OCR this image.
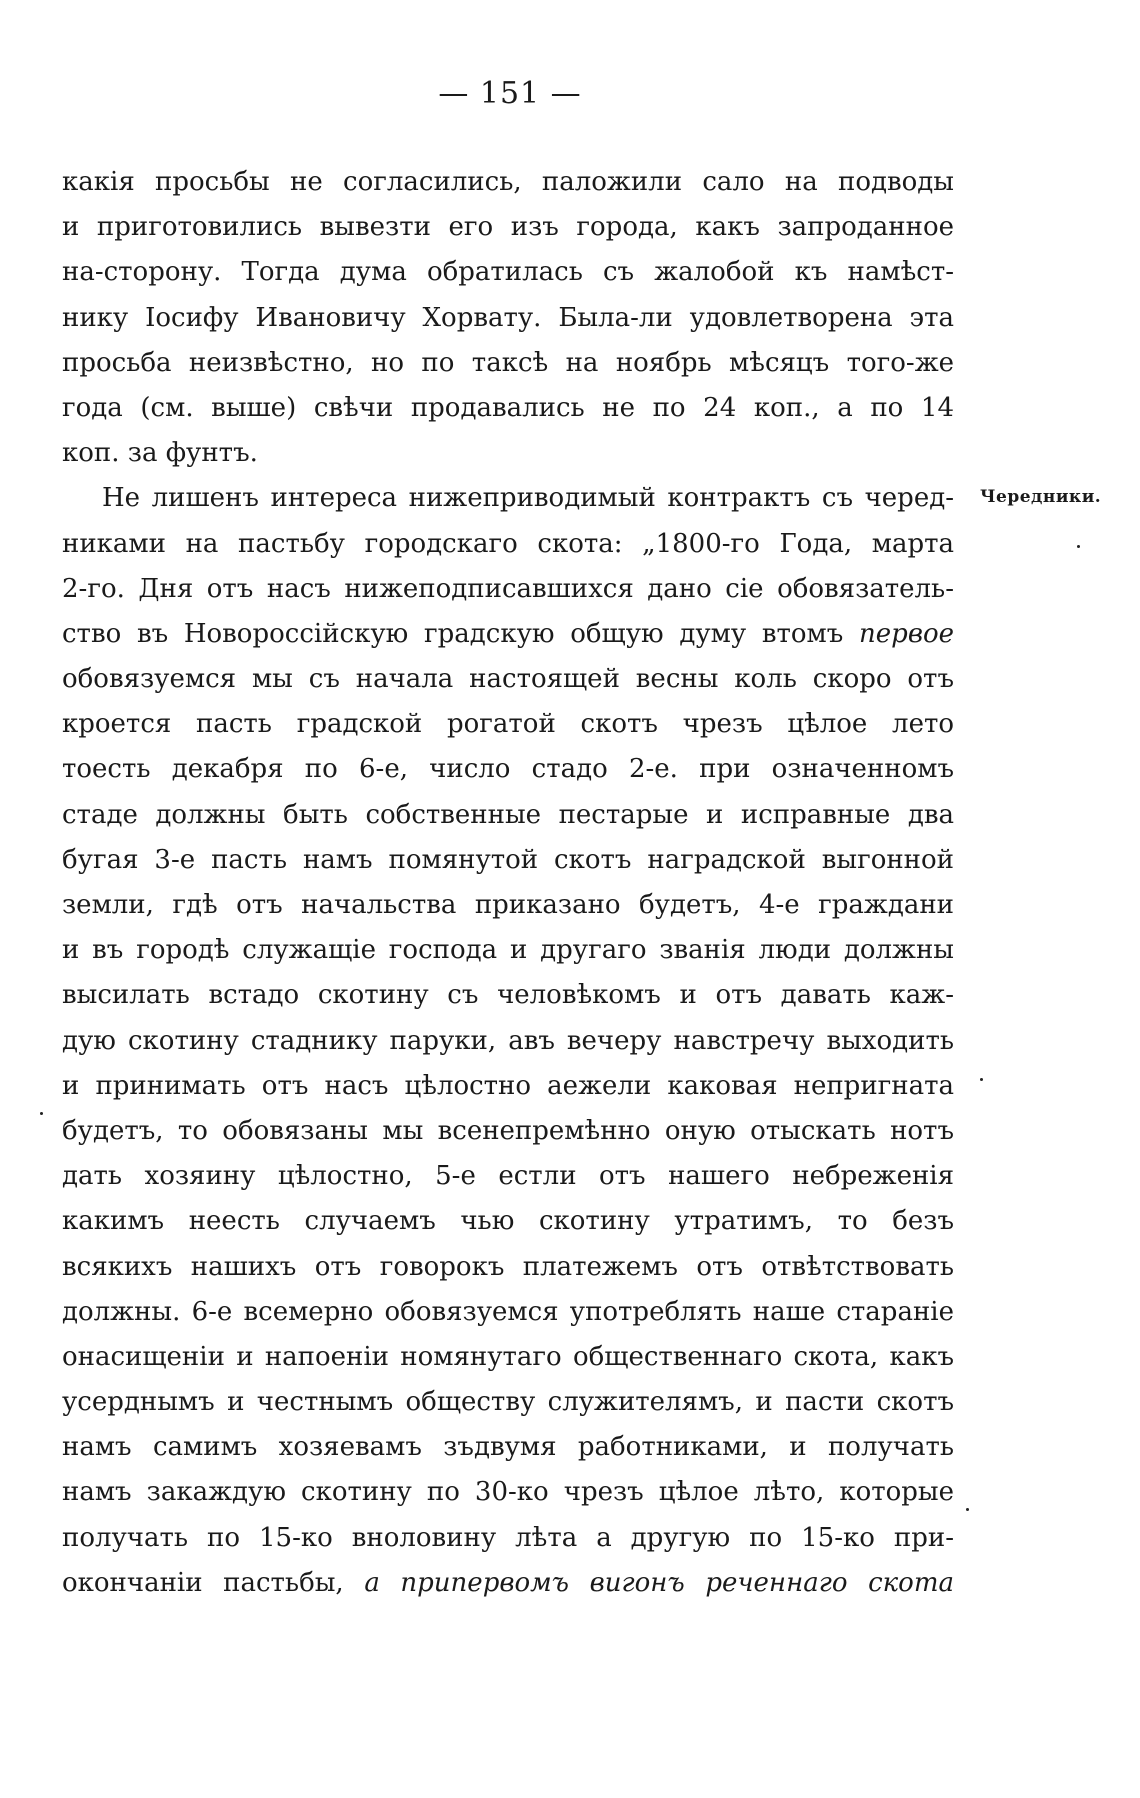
— 151 —
Чередники.
какія просьбы не согласились, паложили сало на подводы
и приготовились вывезти его изъ города, какъ запроданное
на-сторону. Тогда дума обратилась съ жалобой къ намѣст-
нику Іосифу Ивановичу Хорвату. Была-ли удовлетворена эта
просьба неизвѣстно, но по таксѣ на ноябрь мѣсяцъ того-же
года (см. выше) свѣчи продавались не по 24 коп., а по 14
коп. за фунтъ.
Не лишенъ интереса нижеприводимый контрактъ съ черед-
никами на пастьбу городскаго скота: „1800-го Года, марта
2-го. Дня отъ насъ нижеподписавшихся дано сіе обовязатель-
ство въ Новороссійскую градскую общую думу втомъ первое
обовязуемся мы съ начала настоящей весны коль скоро отъ
кроется пасть градской рогатой скотъ чрезъ цѣлое лето
тоесть декабря по 6-е, число стадо 2-е. при означенномъ
стаде должны быть собственные пестарые и исправные два
бугая 3-е пасть намъ помянутой скотъ наградской выгонной
земли, гдѣ отъ начальства приказано будетъ, 4-е граждани
и въ городѣ служащіе господа и другаго званія люди должны
высилать встадо скотину съ человѣкомъ и отъ давать каж-
дую скотину стаднику паруки, авъ вечеру навстречу выходить
и принимать отъ насъ цѣлостно аежели каковая непригната
будетъ, то обовязаны мы всенепремѣнно оную отыскать нотъ
дать хозяину цѣлостно, 5-е естли отъ нашего небреженія
какимъ неесть случаемъ чью скотину утратимъ, то безъ
всякихъ нашихъ отъ говорокъ платежемъ отъ отвѣтствовать
должны. 6-е всемерно обовязуемся употреблять наше стараніе
онасищеніи и напоеніи номянутаго общественнаго скота, какъ
усерднымъ и честнымъ обществу служителямъ, и пасти скотъ
намъ самимъ хозяевамъ зъдвумя работниками, и получать
намъ закаждую скотину по 30-ко чрезъ цѣлое лѣто, которые
получать по 15-ко вноловину лѣта а другую по 15-ко при-
окончаніи пастьбы, а припервомъ вигонъ реченнаго скота
